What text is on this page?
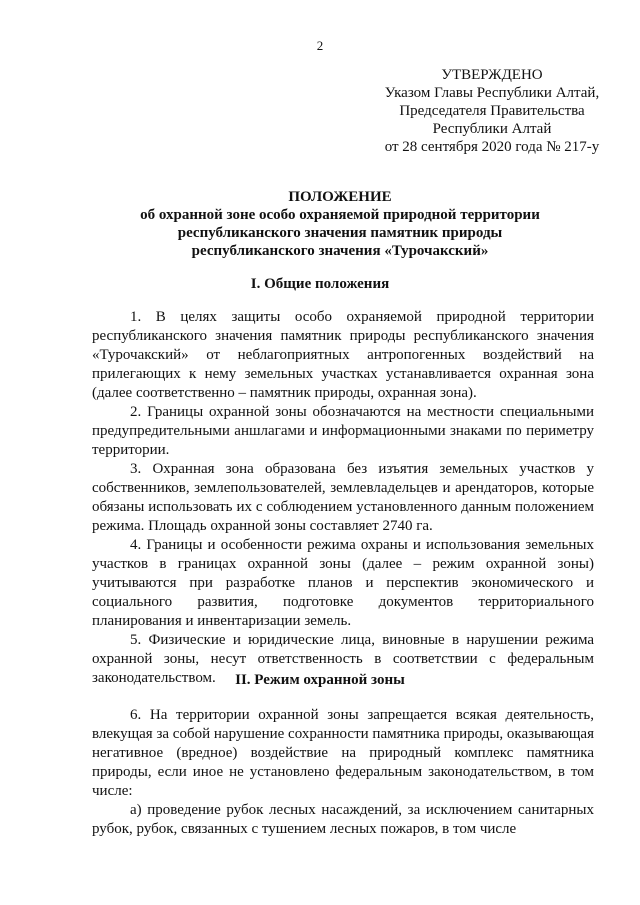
2
УТВЕРЖДЕНО
Указом Главы Республики Алтай,
Председателя Правительства
Республики Алтай
от 28 сентября 2020 года № 217-у
ПОЛОЖЕНИЕ
об охранной зоне особо охраняемой природной территории
республиканского значения памятник природы
республиканского значения «Турочакский»
I. Общие положения

1. В целях защиты особо охраняемой природной территории республиканского значения памятник природы республиканского значения «Турочакский» от неблагоприятных антропогенных воздействий на прилегающих к нему земельных участках устанавливается охранная зона (далее соответственно – памятник природы, охранная зона).

2. Границы охранной зоны обозначаются на местности специальными предупредительными аншлагами и информационными знаками по периметру территории.

3. Охранная зона образована без изъятия земельных участков у собственников, землепользователей, землевладельцев и арендаторов, которые обязаны использовать их с соблюдением установленного данным положением режима. Площадь охранной зоны составляет 2740 га.

4. Границы и особенности режима охраны и использования земельных участков в границах охранной зоны (далее – режим охранной зоны) учитываются при разработке планов и перспектив экономического и социального развития, подготовке документов территориального планирования и инвентаризации земель.

5. Физические и юридические лица, виновные в нарушении режима охранной зоны, несут ответственность в соответствии с федеральным законодательством.	II. Режим охранной зоны

6. На территории охранной зоны запрещается всякая деятельность, влекущая за собой нарушение сохранности памятника природы, оказывающая негативное (вредное) воздействие на природный комплекс памятника природы, если иное не установлено федеральным законодательством, в том числе:

а) проведение рубок лесных насаждений, за исключением санитарных рубок, рубок, связанных с тушением лесных пожаров, в том числе
